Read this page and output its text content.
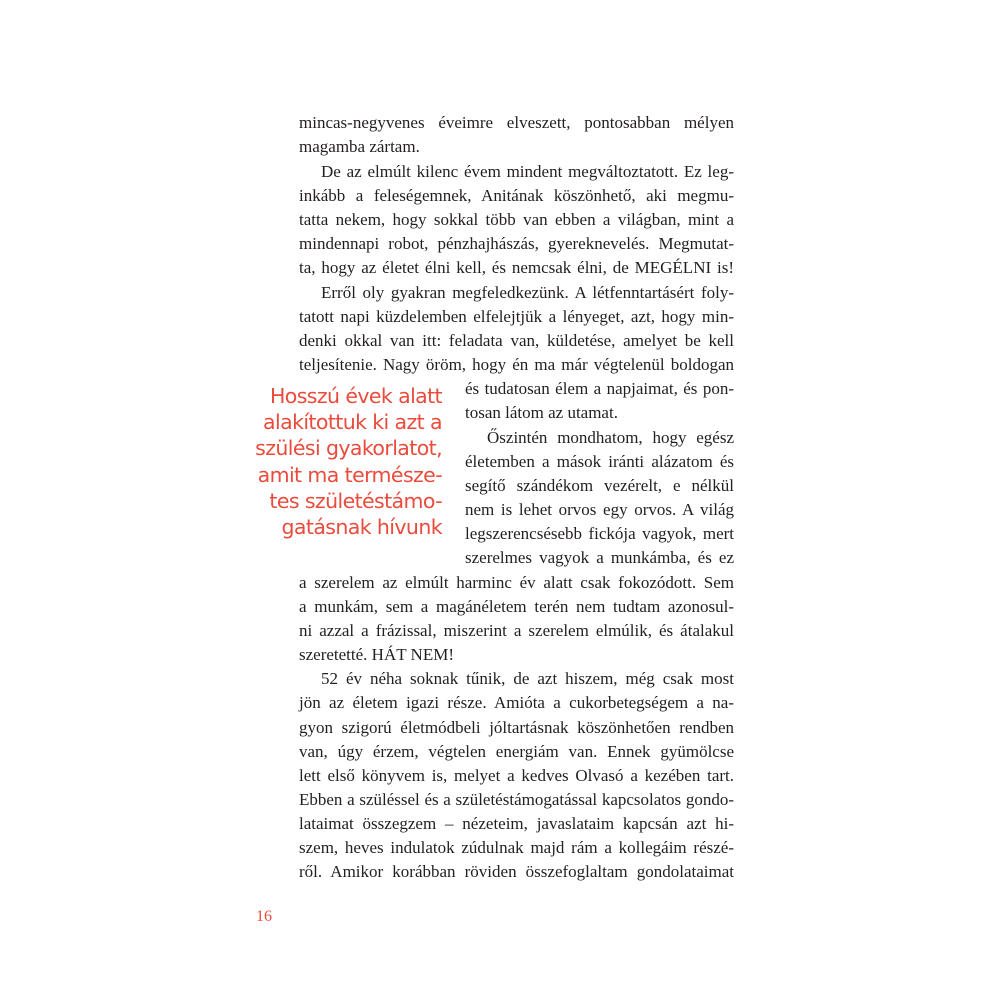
mincas-negyvenes éveimre elveszett, pontosabban mélyen
magamba zártam.
De az elmúlt kilenc évem mindent megváltoztatott. Ez leg-
inkább a feleségemnek, Anitának köszönhető, aki megmu-
tatta nekem, hogy sokkal több van ebben a világban, mint a
mindennapi robot, pénzhajhászás, gyereknevelés. Megmutat-
ta, hogy az életet élni kell, és nemcsak élni, de MEGÉLNI is!
Erről oly gyakran megfeledkezünk. A létfenntartásért foly-
tatott napi küzdelemben elfelejtjük a lényeget, azt, hogy min-
denki okkal van itt: feladata van, küldetése, amelyet be kell
teljesítenie. Nagy öröm, hogy én ma már végtelenül boldogan
és tudatosan élem a napjaimat, és pon-
tosan látom az utamat.
Őszintén mondhatom, hogy egész
életemben a mások iránti alázatom és
segítő szándékom vezérelt, e nélkül
nem is lehet orvos egy orvos. A világ
legszerencsésebb fickója vagyok, mert
szerelmes vagyok a munkámba, és ez
a szerelem az elmúlt harminc év alatt csak fokozódott. Sem
a munkám, sem a magánéletem terén nem tudtam azonosul-
ni azzal a frázissal, miszerint a szerelem elmúlik, és átalakul
szeretetté. HÁT NEM!
52 év néha soknak tűnik, de azt hiszem, még csak most
jön az életem igazi része. Amióta a cukorbetegségem a na-
gyon szigorú életmódbeli jóltartásnak köszönhetően rendben
van, úgy érzem, végtelen energiám van. Ennek gyümölcse
lett első könyvem is, melyet a kedves Olvasó a kezében tart.
Ebben a szüléssel és a születéstámogatással kapcsolatos gondo-
lataimat összegzem – nézeteim, javaslataim kapcsán azt hi-
szem, heves indulatok zúdulnak majd rám a kollegáim részé-
ről. Amikor korábban röviden összefoglaltam gondolataimat
Hosszú évek alatt
alakítottuk ki azt a
szülési gyakorlatot,
amit ma természe-
tes születéstámo-
gatásnak hívunk
16
